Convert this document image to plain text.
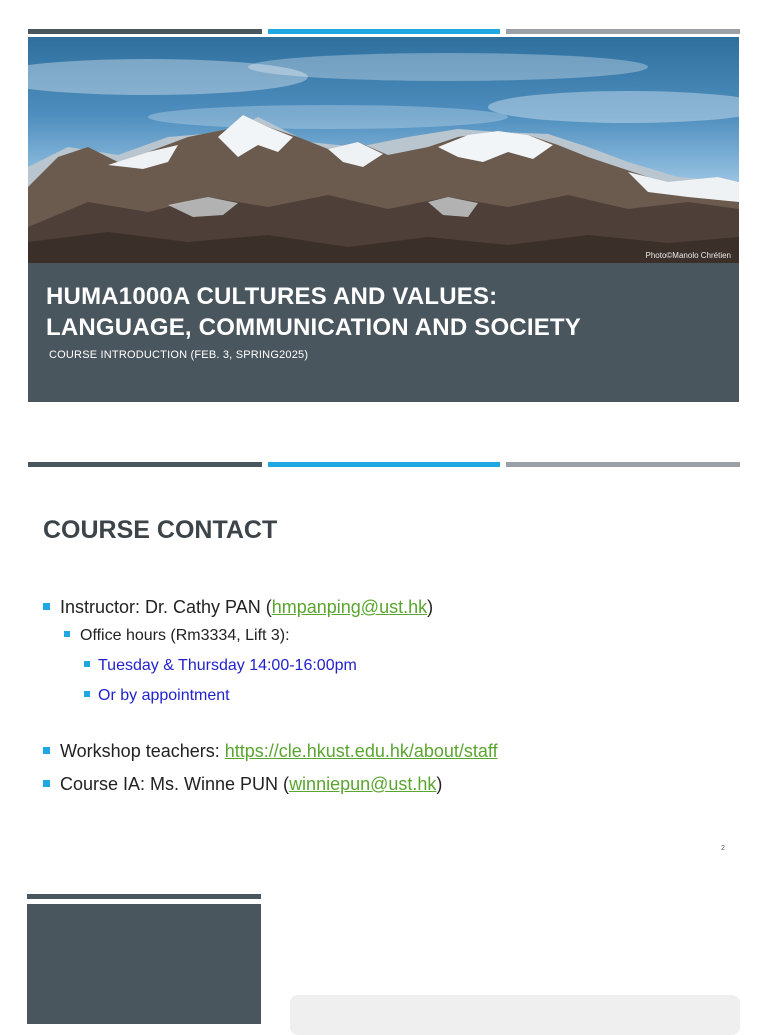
Photo©Manolo Chrétien
HUMA1000A CULTURES AND VALUES:
LANGUAGE, COMMUNICATION AND SOCIETY
COURSE INTRODUCTION (FEB. 3, SPRING2025)
COURSE CONTACT
Instructor: Dr. Cathy PAN (hmpanping@ust.hk)
Office hours (Rm3334, Lift 3):
Tuesday & Thursday 14:00-16:00pm
Or by appointment
Workshop teachers: https://cle.hkust.edu.hk/about/staff
Course IA: Ms. Winne PUN (winniepun@ust.hk)
2
